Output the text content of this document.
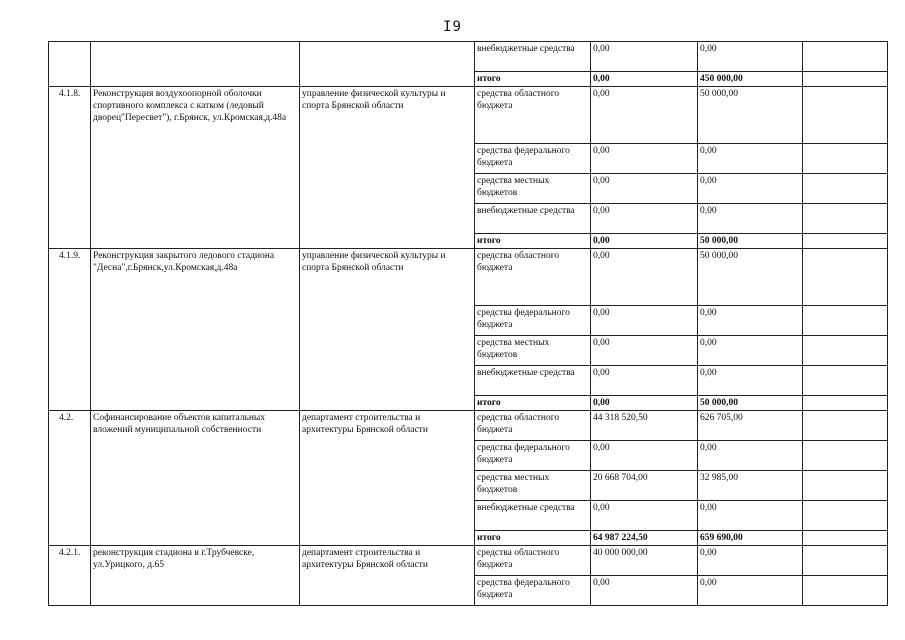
I9
			внебюджетные средства	0,00	0,00	
			итого	0,00	450 000,00	
4.1.8.	Реконструкция воздухоопорной оболочки спортивного комплекса с катком (ледовый дворец"Пересвет"), г.Брянск, ул.Кромская,д.48а	управление физической культуры и спорта Брянской области	средства областного бюджета	0,00	50 000,00	
			средства федерального бюджета	0,00	0,00	
			средства местных бюджетов	0,00	0,00	
			внебюджетные средства	0,00	0,00	
			итого	0,00	50 000,00	
4.1.9.	Реконструкция закрытого ледового стадиона "Десна",г.Брянск,ул.Кромская,д.48а	управление физической культуры и спорта Брянской области	средства областного бюджета	0,00	50 000,00	
			средства федерального бюджета	0,00	0,00	
			средства местных бюджетов	0,00	0,00	
			внебюджетные средства	0,00	0,00	
			итого	0,00	50 000,00	
4.2.	Софинансирование объектов капитальных вложений муниципальной собственности	департамент строительства и архитектуры Брянской области	средства областного бюджета	44 318 520,50	626 705,00	
			средства федерального бюджета	0,00	0,00	
			средства местных бюджетов	20 668 704,00	32 985,00	
			внебюджетные средства	0,00	0,00	
			итого	64 987 224,50	659 690,00	
4.2.1.	реконструкция стадиона в г.Трубчевске, ул.Урицкого, д.65	департамент строительства и архитектуры Брянской области	средства областного бюджета	40 000 000,00	0,00	
			средства федерального бюджета	0,00	0,00	
